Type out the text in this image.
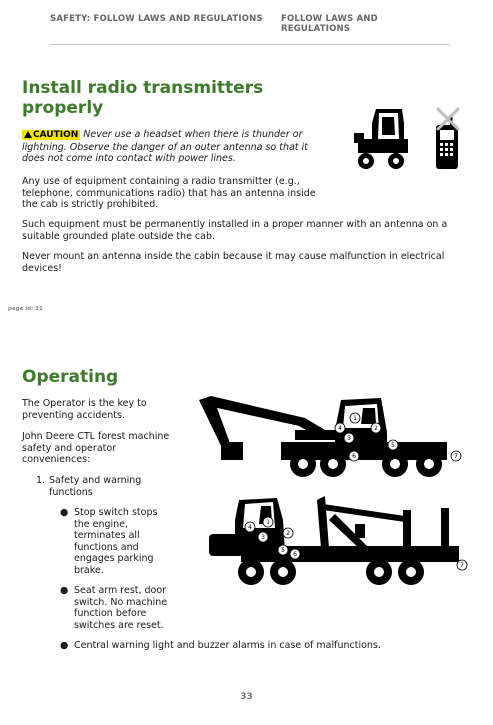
SAFETY: FOLLOW LAWS AND REGULATIONS FOLLOW LAWS AND REGULATIONS
Install radio transmitters properly

CAUTION Never use a headset when there is thunder or lightning. Observe the danger of an outer antenna so that it does not come into contact with power lines.

Any use of equipment containing a radio transmitter (e.g., telephone, communications radio) that has an antenna inside the cab is strictly prohibited.

Such equipment must be permanently installed in a proper manner with an antenna on a suitable grounded plate outside the cab.

Never mount an antenna inside the cabin because it may cause malfunction in electrical devices!

page id: 31
Operating

The Operator is the key to preventing accidents.

John Deere CTL forest machine safety and operator conveniences:

1. Safety and warning functions

● Stop switch stops the engine, terminates all functions and engages parking brake.

● Seat arm rest, door switch. No machine function before switches are reset.

● Central warning light and buzzer alarms in case of malfunctions.

1
2
3
4
5
6	7
1
2
3
4
5
6
7
33
